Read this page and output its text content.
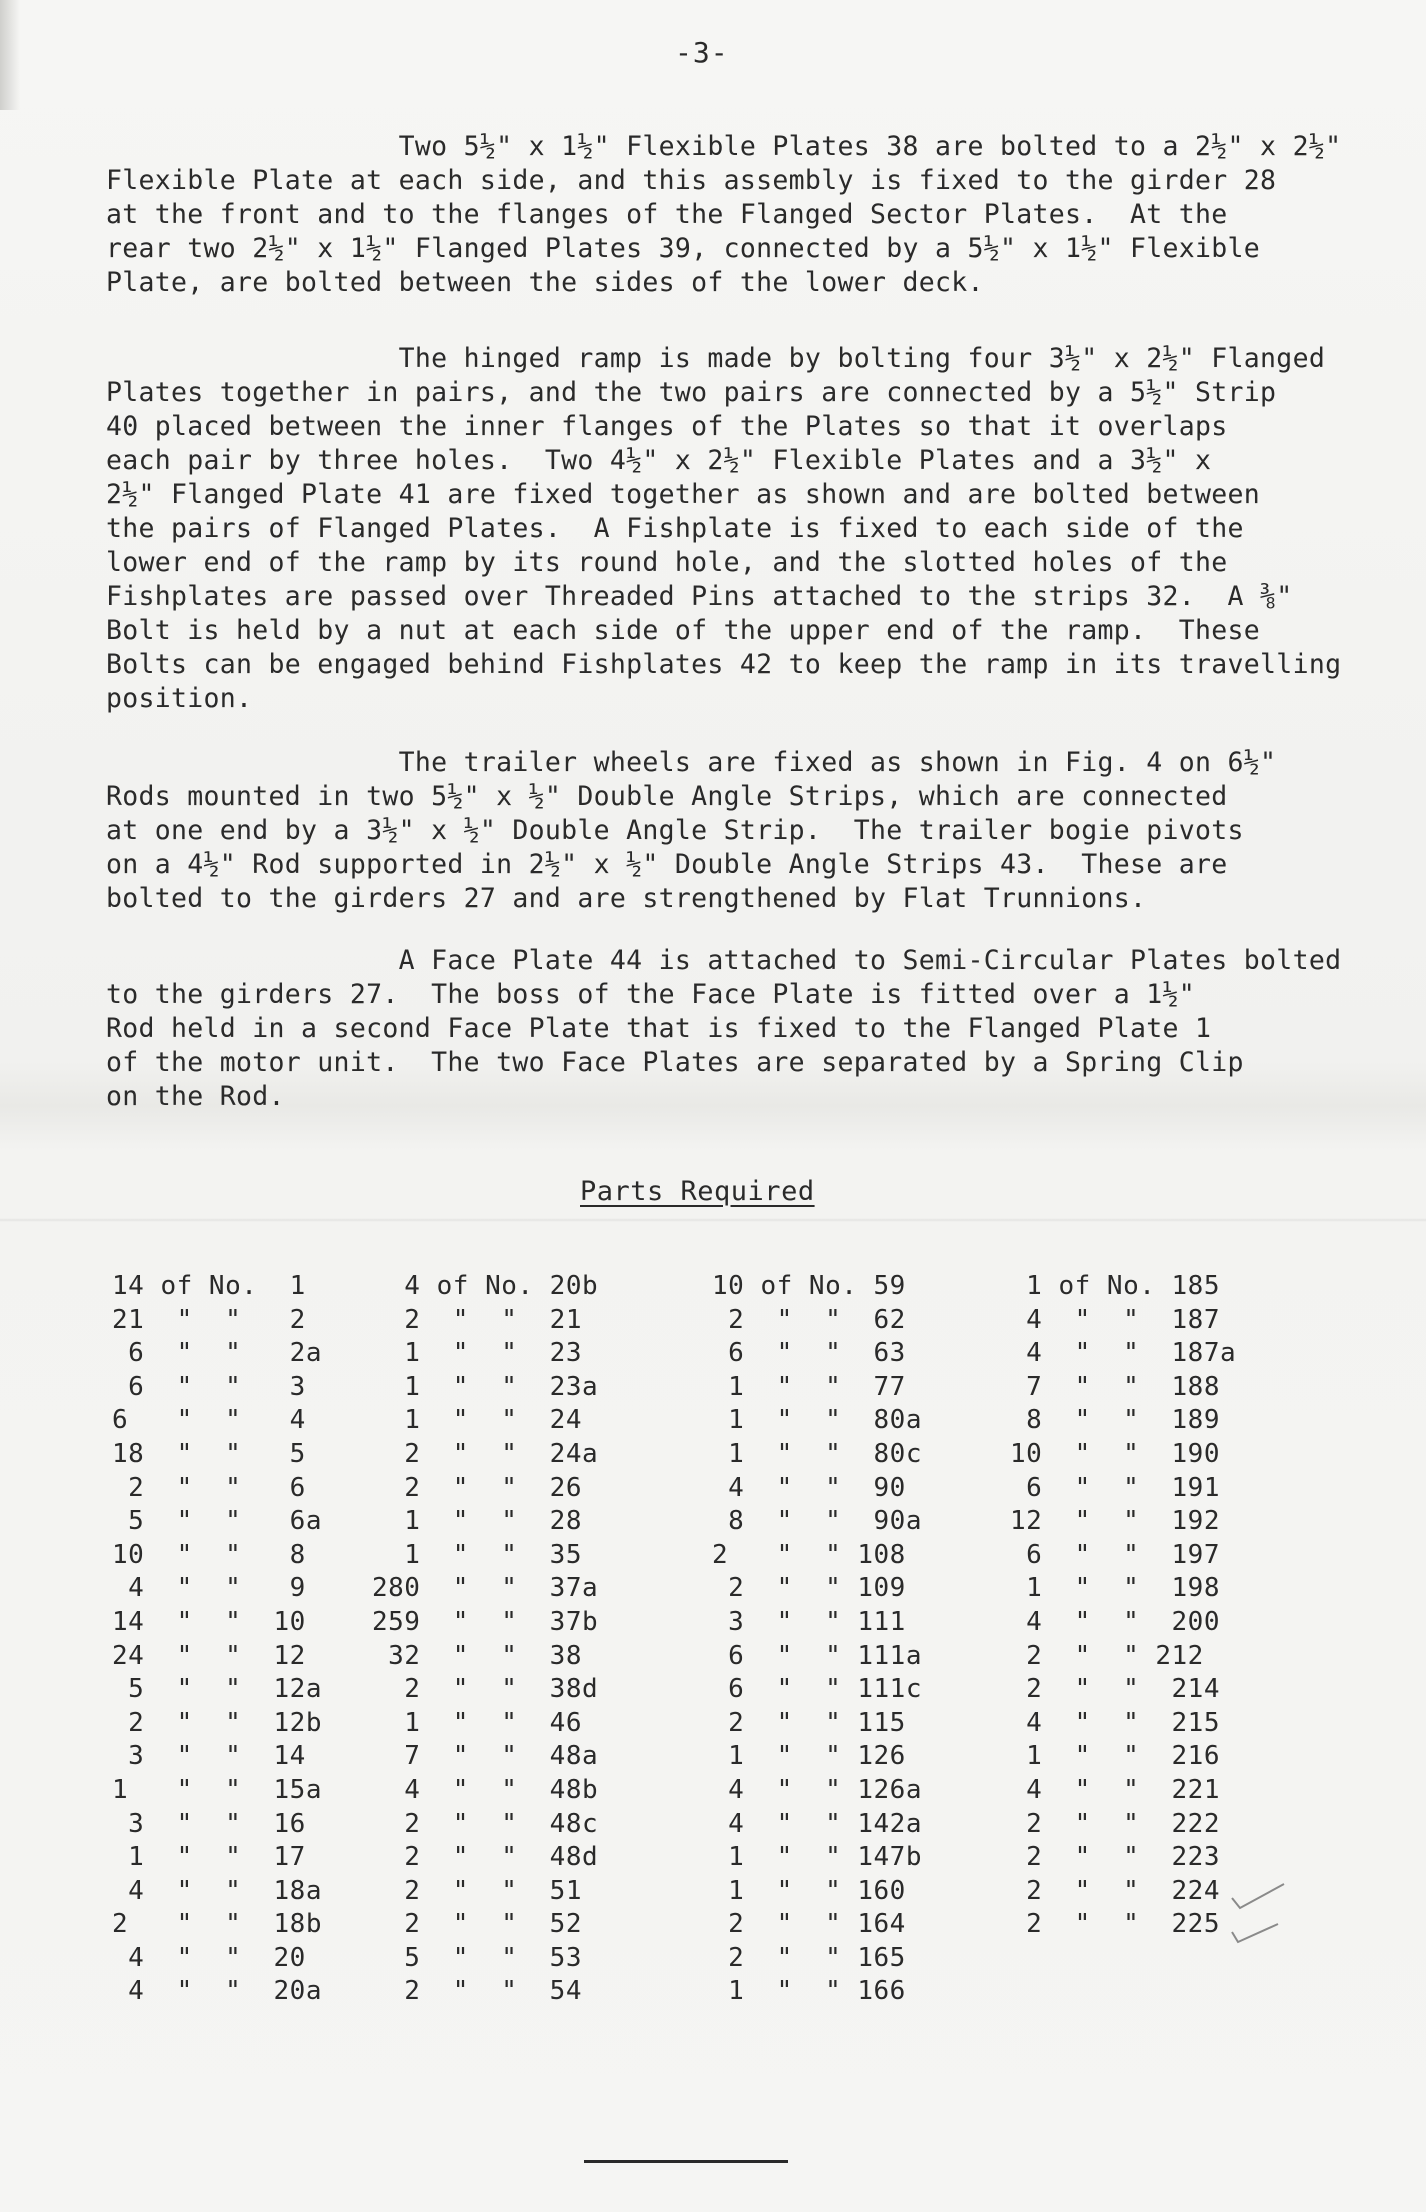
-3-
Two 5½" x 1½" Flexible Plates 38 are bolted to a 2½" x 2½"
Flexible Plate at each side, and this assembly is fixed to the girder 28
at the front and to the flanges of the Flanged Sector Plates.  At the
rear two 2½" x 1½" Flanged Plates 39, connected by a 5½" x 1½" Flexible
Plate, are bolted between the sides of the lower deck.
The hinged ramp is made by bolting four 3½" x 2½" Flanged
Plates together in pairs, and the two pairs are connected by a 5½" Strip
40 placed between the inner flanges of the Plates so that it overlaps
each pair by three holes.  Two 4½" x 2½" Flexible Plates and a 3½" x
2½" Flanged Plate 41 are fixed together as shown and are bolted between
the pairs of Flanged Plates.  A Fishplate is fixed to each side of the
lower end of the ramp by its round hole, and the slotted holes of the
Fishplates are passed over Threaded Pins attached to the strips 32.  A ⅜"
Bolt is held by a nut at each side of the upper end of the ramp.  These
Bolts can be engaged behind Fishplates 42 to keep the ramp in its travelling
position.
The trailer wheels are fixed as shown in Fig. 4 on 6½"
Rods mounted in two 5½" x ½" Double Angle Strips, which are connected
at one end by a 3½" x ½" Double Angle Strip.  The trailer bogie pivots
on a 4½" Rod supported in 2½" x ½" Double Angle Strips 43.  These are
bolted to the girders 27 and are strengthened by Flat Trunnions.
A Face Plate 44 is attached to Semi-Circular Plates bolted
to the girders 27.  The boss of the Face Plate is fitted over a 1½"
Rod held in a second Face Plate that is fixed to the Flanged Plate 1
of the motor unit.  The two Face Plates are separated by a Spring Clip
on the Rod.
Parts Required
14 of No.  1
21  "  "   2
6  "  "   2a
6  "  "   3
6   "  "   4
18  "  "   5
2  "  "   6
5  "  "   6a
10  "  "   8
4  "  "   9
14  "  "  10
24  "  "  12
5  "  "  12a
2  "  "  12b
3  "  "  14
1   "  "  15a
3  "  "  16
1  "  "  17
4  "  "  18a
2   "  "  18b
4  "  "  20
4  "  "  20a
4 of No. 20b
2  "  "  21
1  "  "  23
1  "  "  23a
1  "  "  24
2  "  "  24a
2  "  "  26
1  "  "  28
1  "  "  35
280  "  "  37a
259  "  "  37b
32  "  "  38
2  "  "  38d
1  "  "  46
7  "  "  48a
4  "  "  48b
2  "  "  48c
2  "  "  48d
2  "  "  51
2  "  "  52
5  "  "  53
2  "  "  54
10 of No. 59
2  "  "  62
6  "  "  63
1  "  "  77
1  "  "  80a
1  "  "  80c
4  "  "  90
8  "  "  90a
2   "  " 108
2  "  " 109
3  "  " 111
6  "  " 111a
6  "  " 111c
2  "  " 115
1  "  " 126
4  "  " 126a
4  "  " 142a
1  "  " 147b
1  "  " 160
2  "  " 164
2  "  " 165
1  "  " 166
1 of No. 185
4  "  "  187
4  "  "  187a
7  "  "  188
8  "  "  189
10  "  "  190
6  "  "  191
12  "  "  192
6  "  "  197
1  "  "  198
4  "  "  200
2  "  " 212
2  "  "  214
4  "  "  215
1  "  "  216
4  "  "  221
2  "  "  222
2  "  "  223
2  "  "  224
2  "  "  225
